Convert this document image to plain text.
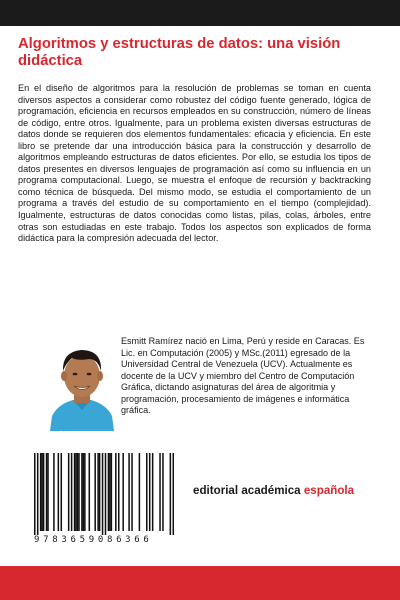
Algoritmos y estructuras de datos: una visión didáctica

En el diseño de algoritmos para la resolución de problemas se toman en cuenta diversos aspectos a considerar como robustez del código fuente generado, lógica de programación, eficiencia en recursos empleados en su construcción, número de líneas de código, entre otros. Igualmente, para un problema existen diversas estructuras de datos donde se requieren dos elementos fundamentales: eficacia y eficiencia. En este libro se pretende dar una introducción básica para la construcción y desarrollo de algoritmos empleando estructuras de datos eficientes. Por ello, se estudia los tipos de datos presentes en diversos lenguajes de programación así como su influencia en un programa computacional. Luego, se muestra el enfoque de recursión y backtracking como técnica de búsqueda. Del mismo modo, se estudia el comportamiento de un programa a través del estudio de su comportamiento en el tiempo (complejidad). Igualmente, estructuras de datos conocidas como listas, pilas, colas, árboles, entre otras son estudiadas en este trabajo. Todos los aspectos son explicados de forma didáctica para la compresión adecuada del lector.

Esmitt Ramírez nació en Lima, Perú y reside en Caracas. Es Lic. en Computación (2005) y MSc.(2011) egresado de la Universidad Central de Venezuela (UCV). Actualmente es docente de la UCV y miembro del Centro de Computación Gráfica, dictando asignaturas del área de algoritmia y programación, procesamiento de imágenes e informática gráfica.

9783659086366
editorial académica española
